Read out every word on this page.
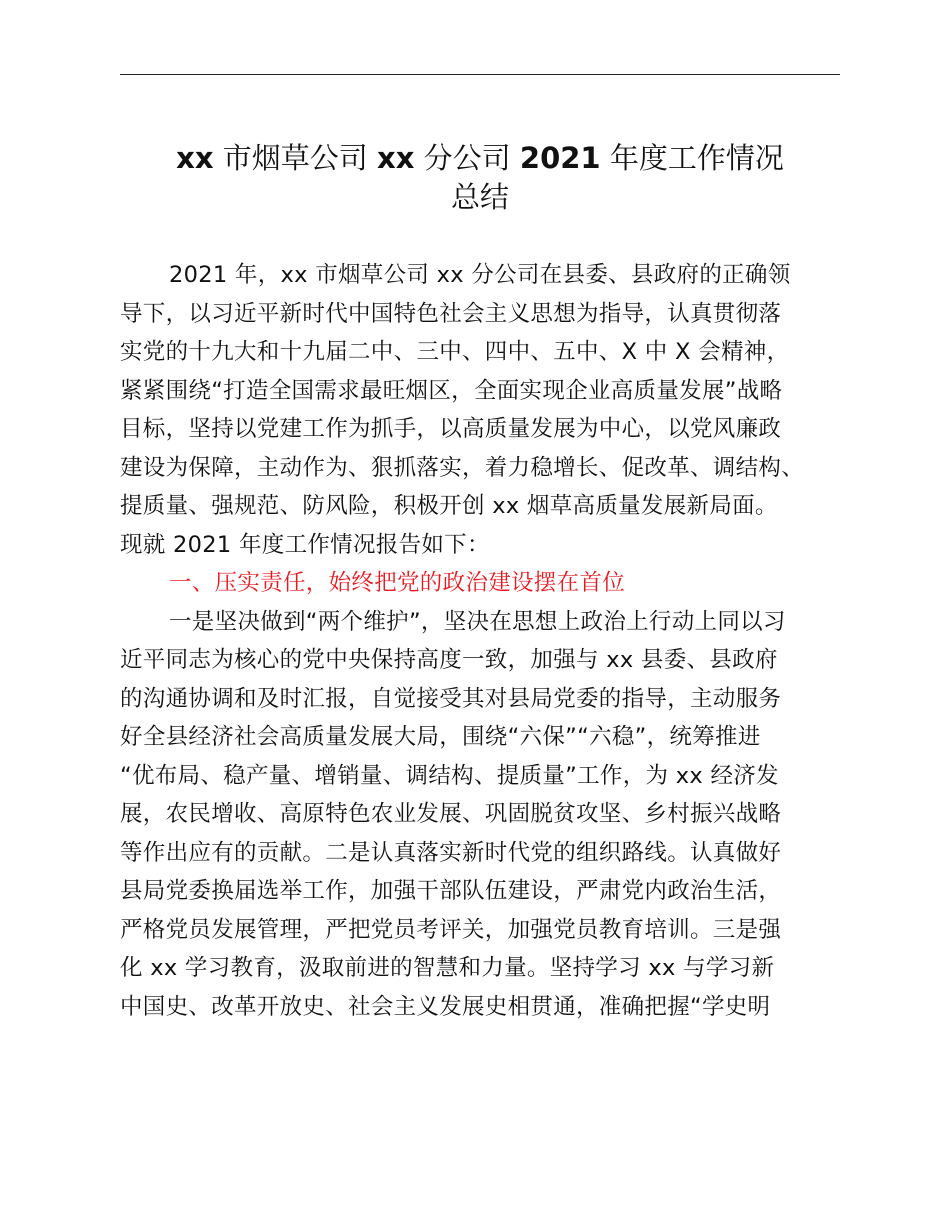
xx 市烟草公司 xx 分公司 2021 年度工作情况
总结
2021 年，xx 市烟草公司 xx 分公司在县委、县政府的正确领
导下，以习近平新时代中国特色社会主义思想为指导，认真贯彻落
实党的十九大和十九届二中、三中、四中、五中、X 中 X 会精神，
紧紧围绕“打造全国需求最旺烟区，全面实现企业高质量发展”战略
目标，坚持以党建工作为抓手，以高质量发展为中心，以党风廉政
建设为保障，主动作为、狠抓落实，着力稳增长、促改革、调结构、
提质量、强规范、防风险，积极开创 xx 烟草高质量发展新局面。
现就 2021 年度工作情况报告如下：
一、压实责任，始终把党的政治建设摆在首位
一是坚决做到“两个维护”，坚决在思想上政治上行动上同以习
近平同志为核心的党中央保持高度一致，加强与 xx 县委、县政府
的沟通协调和及时汇报，自觉接受其对县局党委的指导，主动服务
好全县经济社会高质量发展大局，围绕“六保”“六稳”，统筹推进
“优布局、稳产量、增销量、调结构、提质量”工作，为 xx 经济发
展，农民增收、高原特色农业发展、巩固脱贫攻坚、乡村振兴战略
等作出应有的贡献。二是认真落实新时代党的组织路线。认真做好
县局党委换届选举工作，加强干部队伍建设，严肃党内政治生活，
严格党员发展管理，严把党员考评关，加强党员教育培训。三是强
化 xx 学习教育，汲取前进的智慧和力量。坚持学习 xx 与学习新
中国史、改革开放史、社会主义发展史相贯通，准确把握“学史明
